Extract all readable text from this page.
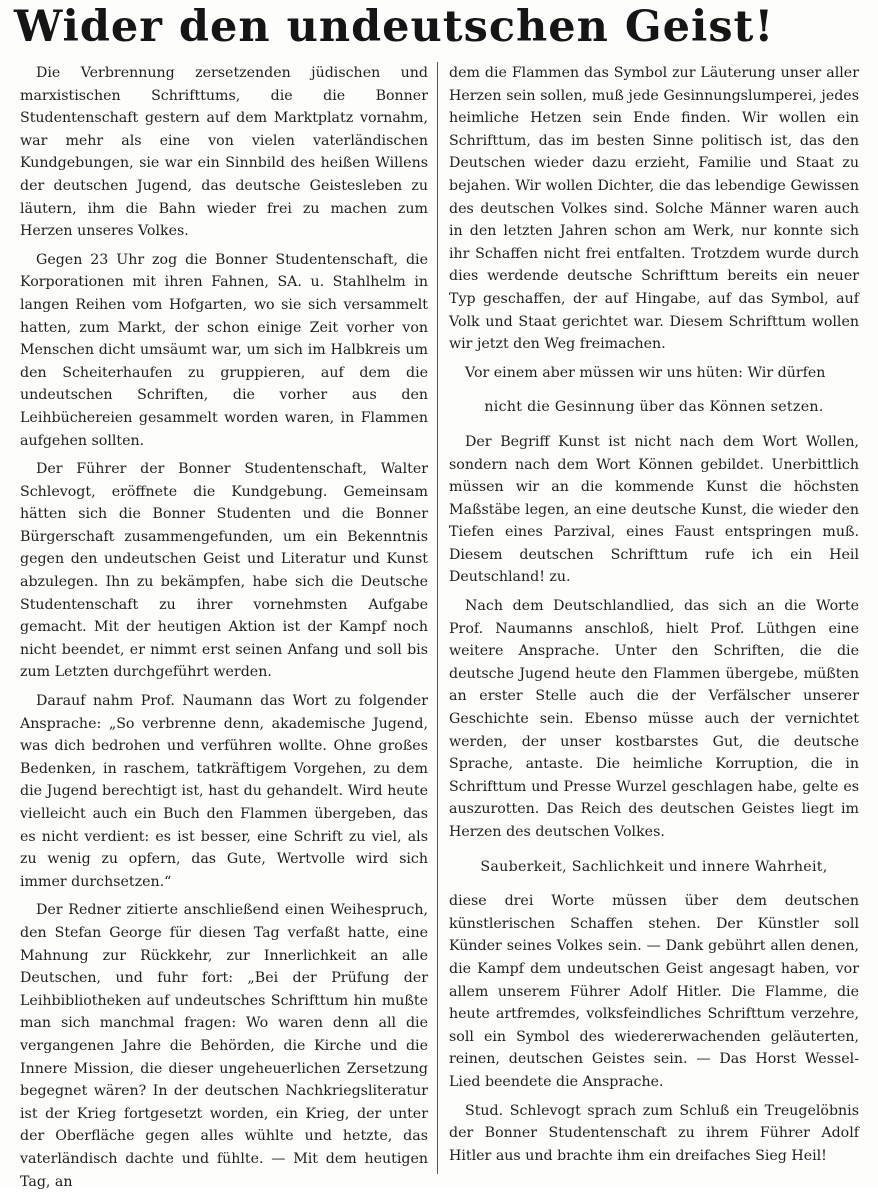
Wider den undeutschen Geist!

Die Verbrennung zersetzenden jüdischen und marxistischen Schrifttums, die die Bonner Studentenschaft gestern auf dem Marktplatz vornahm, war mehr als eine von vielen vaterländischen Kundgebungen, sie war ein Sinnbild des heißen Willens der deutschen Jugend, das deutsche Geistesleben zu läutern, ihm die Bahn wieder frei zu machen zum Herzen unseres Volkes.

Gegen 23 Uhr zog die Bonner Studentenschaft, die Korporationen mit ihren Fahnen, SA. u. Stahlhelm in langen Reihen vom Hofgarten, wo sie sich versammelt hatten, zum Markt, der schon einige Zeit vorher von Menschen dicht umsäumt war, um sich im Halbkreis um den Scheiterhaufen zu gruppieren, auf dem die undeutschen Schriften, die vorher aus den Leihbüchereien gesammelt worden waren, in Flammen aufgehen sollten.

Der Führer der Bonner Studentenschaft, Walter Schlevogt, eröffnete die Kundgebung. Gemeinsam hätten sich die Bonner Studenten und die Bonner Bürgerschaft zusammengefunden, um ein Bekenntnis gegen den undeutschen Geist und Literatur und Kunst abzulegen. Ihn zu bekämpfen, habe sich die Deutsche Studentenschaft zu ihrer vornehmsten Aufgabe gemacht. Mit der heutigen Aktion ist der Kampf noch nicht beendet, er nimmt erst seinen Anfang und soll bis zum Letzten durchgeführt werden.

Darauf nahm Prof. Naumann das Wort zu folgender Ansprache: „So verbrenne denn, akademische Jugend, was dich bedrohen und verführen wollte. Ohne großes Bedenken, in raschem, tatkräftigem Vorgehen, zu dem die Jugend berechtigt ist, hast du gehandelt. Wird heute vielleicht auch ein Buch den Flammen übergeben, das es nicht verdient: es ist besser, eine Schrift zu viel, als zu wenig zu opfern, das Gute, Wertvolle wird sich immer durchsetzen.“

Der Redner zitierte anschließend einen Weihespruch, den Stefan George für diesen Tag verfaßt hatte, eine Mahnung zur Rückkehr, zur Innerlichkeit an alle Deutschen, und fuhr fort: „Bei der Prüfung der Leihbibliotheken auf undeutsches Schrifttum hin mußte man sich manchmal fragen: Wo waren denn all die vergangenen Jahre die Behörden, die Kirche und die Innere Mission, die dieser ungeheuerlichen Zersetzung begegnet wären? In der deutschen Nachkriegsliteratur ist der Krieg fortgesetzt worden, ein Krieg, der unter der Oberfläche gegen alles wühlte und hetzte, das vaterländisch dachte und fühlte. — Mit dem heutigen Tag, an

dem die Flammen das Symbol zur Läuterung unser aller Herzen sein sollen, muß jede Gesinnungslumperei, jedes heimliche Hetzen sein Ende finden. Wir wollen ein Schrifttum, das im besten Sinne politisch ist, das den Deutschen wieder dazu erzieht, Familie und Staat zu bejahen. Wir wollen Dichter, die das lebendige Gewissen des deutschen Volkes sind. Solche Männer waren auch in den letzten Jahren schon am Werk, nur konnte sich ihr Schaffen nicht frei entfalten. Trotzdem wurde durch dies werdende deutsche Schrifttum bereits ein neuer Typ geschaffen, der auf Hingabe, auf das Symbol, auf Volk und Staat gerichtet war. Diesem Schrifttum wollen wir jetzt den Weg freimachen.

Vor einem aber müssen wir uns hüten: Wir dürfen

nicht die Gesinnung über das Können setzen.

Der Begriff Kunst ist nicht nach dem Wort Wollen, sondern nach dem Wort Können gebildet. Unerbittlich müssen wir an die kommende Kunst die höchsten Maßstäbe legen, an eine deutsche Kunst, die wieder den Tiefen eines Parzival, eines Faust entspringen muß. Diesem deutschen Schrifttum rufe ich ein Heil Deutschland! zu.

Nach dem Deutschlandlied, das sich an die Worte Prof. Naumanns anschloß, hielt Prof. Lüthgen eine weitere Ansprache. Unter den Schriften, die die deutsche Jugend heute den Flammen übergebe, müßten an erster Stelle auch die der Verfälscher unserer Geschichte sein. Ebenso müsse auch der vernichtet werden, der unser kostbarstes Gut, die deutsche Sprache, antaste. Die heimliche Korruption, die in Schrifttum und Presse Wurzel geschlagen habe, gelte es auszurotten. Das Reich des deutschen Geistes liegt im Herzen des deutschen Volkes.

Sauberkeit, Sachlichkeit und innere Wahrheit,

diese drei Worte müssen über dem deutschen künstlerischen Schaffen stehen. Der Künstler soll Künder seines Volkes sein. — Dank gebührt allen denen, die Kampf dem undeutschen Geist angesagt haben, vor allem unserem Führer Adolf Hitler. Die Flamme, die heute artfremdes, volksfeindliches Schrifttum verzehre, soll ein Symbol des wiedererwachenden geläuterten, reinen, deutschen Geistes sein. — Das Horst Wessel-Lied beendete die Ansprache.

Stud. Schlevogt sprach zum Schluß ein Treugelöbnis der Bonner Studentenschaft zu ihrem Führer Adolf Hitler aus und brachte ihm ein dreifaches Sieg Heil!
